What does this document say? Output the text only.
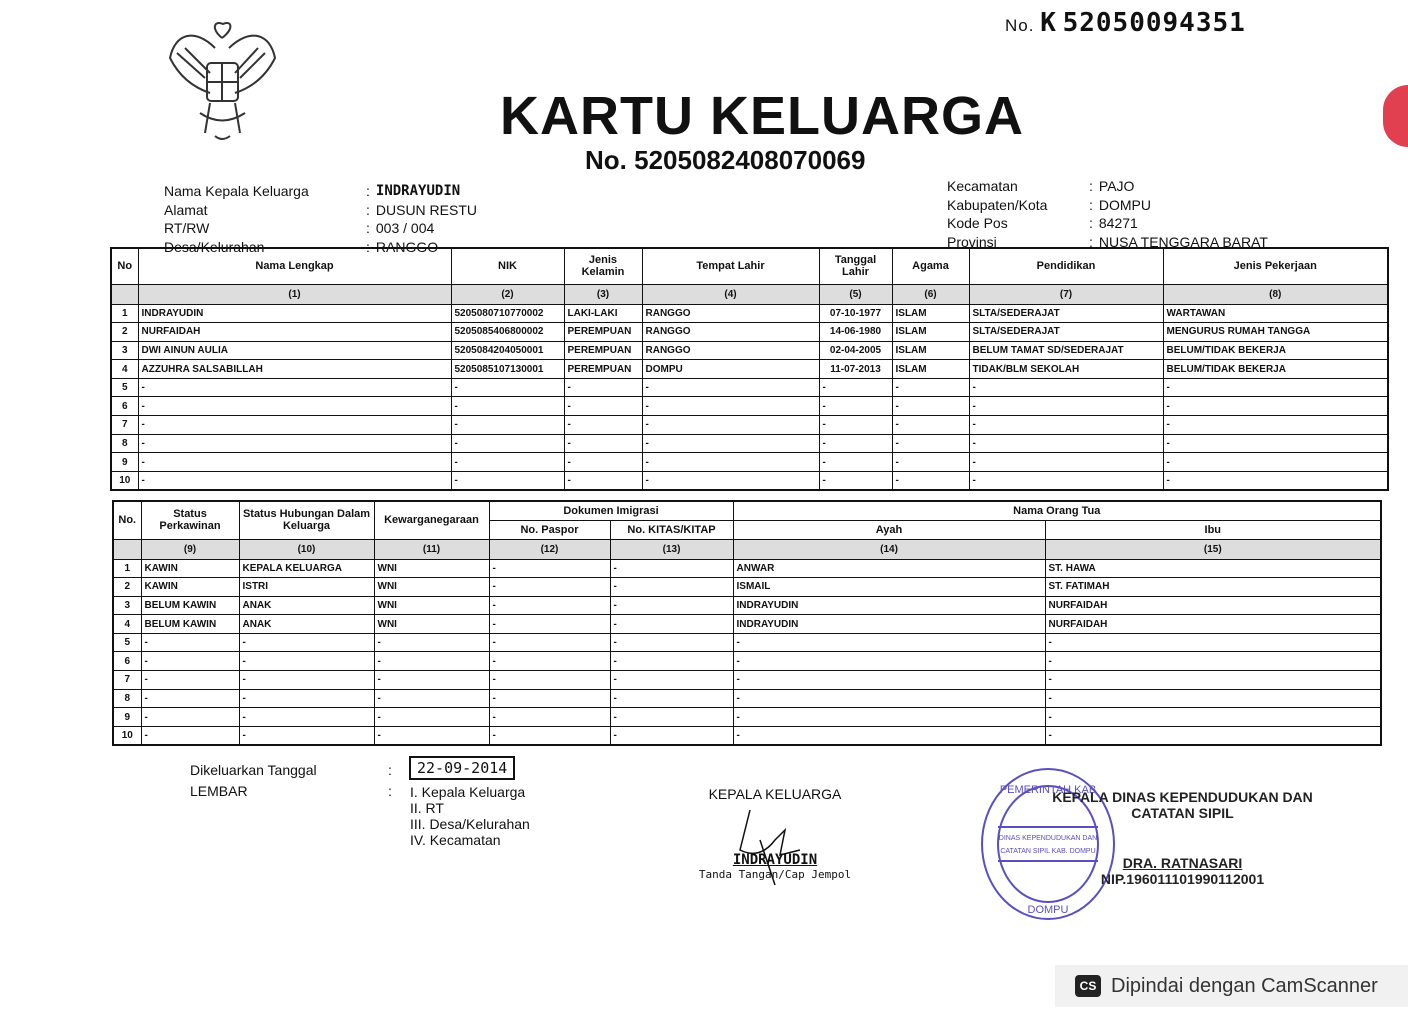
No. K 52050094351
KARTU KELUARGA
No. 5205082408070069
Nama Kepala Keluarga	:	INDRAYUDIN
Alamat	:	DUSUN RESTU
RT/RW	:	003 / 004
Desa/Kelurahan	:	RANGGO
Kecamatan	:	PAJO
Kabupaten/Kota	:	DOMPU
Kode Pos	:	84271
Provinsi	:	NUSA TENGGARA BARAT
No	Nama Lengkap	NIK	Jenis Kelamin	Tempat Lahir	Tanggal Lahir	Agama	Pendidikan	Jenis Pekerjaan
	(1)	(2)	(3)	(4)	(5)	(6)	(7)	(8)
1	INDRAYUDIN	5205080710770002	LAKI-LAKI	RANGGO	07-10-1977	ISLAM	SLTA/SEDERAJAT	WARTAWAN
2	NURFAIDAH	5205085406800002	PEREMPUAN	RANGGO	14-06-1980	ISLAM	SLTA/SEDERAJAT	MENGURUS RUMAH TANGGA
3	DWI AINUN AULIA	5205084204050001	PEREMPUAN	RANGGO	02-04-2005	ISLAM	BELUM TAMAT SD/SEDERAJAT	BELUM/TIDAK BEKERJA
4	AZZUHRA SALSABILLAH	5205085107130001	PEREMPUAN	DOMPU	11-07-2013	ISLAM	TIDAK/BLM SEKOLAH	BELUM/TIDAK BEKERJA
5	-	-	-	-	-	-	-	-
6	-	-	-	-	-	-	-	-
7	-	-	-	-	-	-	-	-
8	-	-	-	-	-	-	-	-
9	-	-	-	-	-	-	-	-
10	-	-	-	-	-	-	-	-
No.	Status Perkawinan	Status Hubungan Dalam Keluarga	Kewarganegaraan	Dokumen Imigrasi		Nama Orang Tua	
				No. Paspor	No. KITAS/KITAP	Ayah	Ibu
	(9)	(10)	(11)	(12)	(13)	(14)	(15)
1	KAWIN	KEPALA KELUARGA	WNI	-	-	ANWAR	ST. HAWA
2	KAWIN	ISTRI	WNI	-	-	ISMAIL	ST. FATIMAH
3	BELUM KAWIN	ANAK	WNI	-	-	INDRAYUDIN	NURFAIDAH
4	BELUM KAWIN	ANAK	WNI	-	-	INDRAYUDIN	NURFAIDAH
5	-	-	-	-	-	-	-
6	-	-	-	-	-	-	-
7	-	-	-	-	-	-	-
8	-	-	-	-	-	-	-
9	-	-	-	-	-	-	-
10	-	-	-	-	-	-	-
Dikeluarkan Tanggal	:
LEMBAR	:
22-09-2014
I. Kepala Keluarga
II. RT
III. Desa/Kelurahan
IV. Kecamatan
KEPALA KELUARGA
INDRAYUDIN
Tanda Tangan/Cap Jempol
PEMERINTAH KAB
DINAS KEPENDUDUKAN DAN
CATATAN SIPIL KAB. DOMPU
DOMPU
KEPALA DINAS KEPENDUDUKAN DAN CATATAN SIPIL
DRA. RATNASARI
NIP.196011101990112001
CS Dipindai dengan CamScanner
